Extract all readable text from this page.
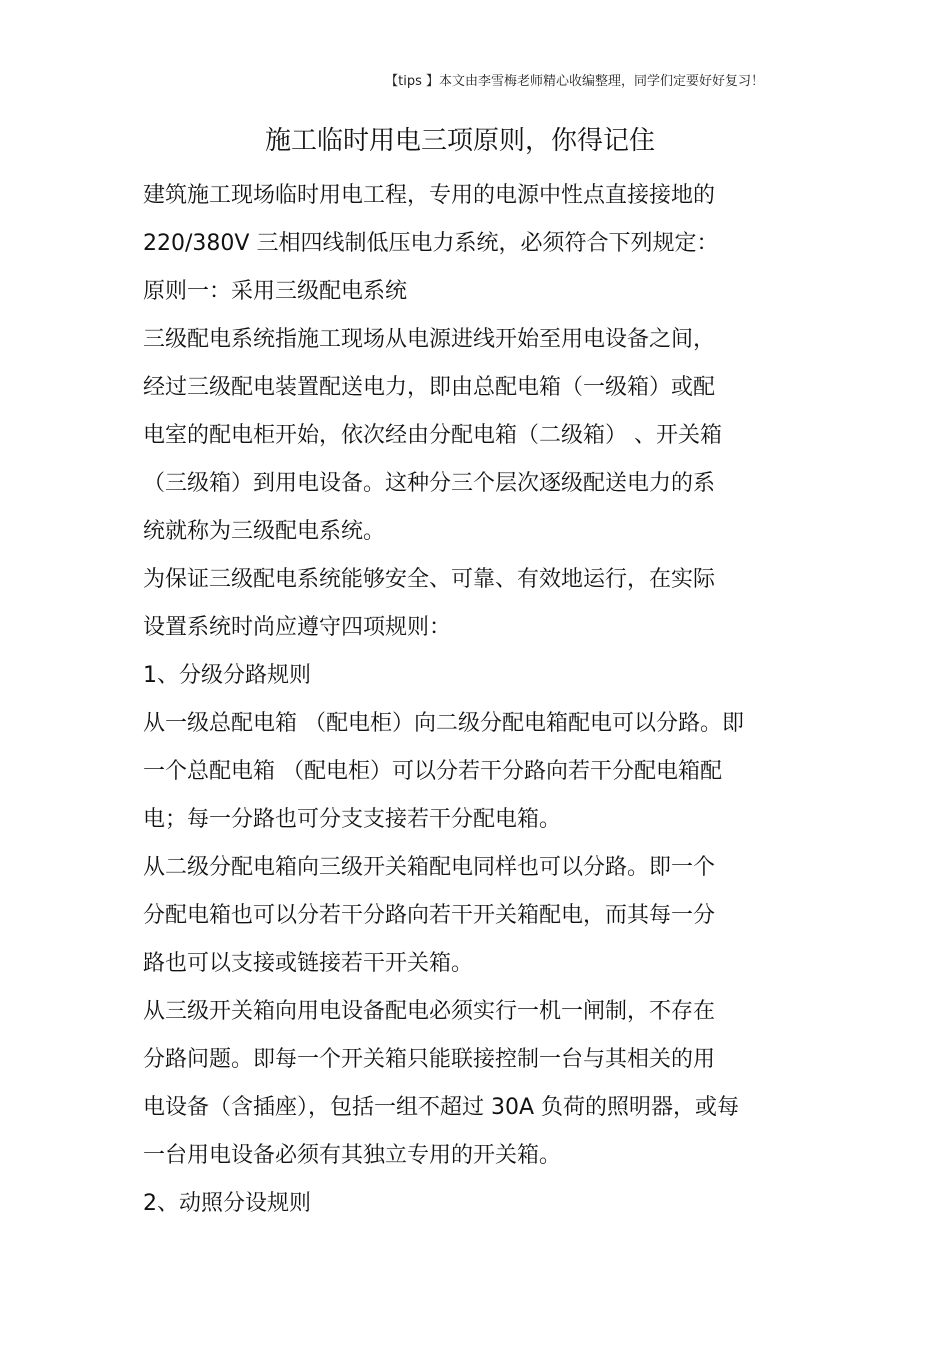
【tips 】本文由李雪梅老师精心收编整理，同学们定要好好复习！
施工临时用电三项原则，你得记住
建筑施工现场临时用电工程，专用的电源中性点直接接地的
220/380V 三相四线制低压电力系统，必须符合下列规定：
原则一：采用三级配电系统
三级配电系统指施工现场从电源进线开始至用电设备之间，
经过三级配电装置配送电力，即由总配电箱（一级箱）或配
电室的配电柜开始，依次经由分配电箱（二级箱） 、开关箱
（三级箱）到用电设备。这种分三个层次逐级配送电力的系
统就称为三级配电系统。
为保证三级配电系统能够安全、可靠、有效地运行，在实际
设置系统时尚应遵守四项规则：
1、分级分路规则
从一级总配电箱 （配电柜）向二级分配电箱配电可以分路。即
一个总配电箱 （配电柜）可以分若干分路向若干分配电箱配
电；每一分路也可分支支接若干分配电箱。
从二级分配电箱向三级开关箱配电同样也可以分路。即一个
分配电箱也可以分若干分路向若干开关箱配电，而其每一分
路也可以支接或链接若干开关箱。
从三级开关箱向用电设备配电必须实行一机一闸制，不存在
分路问题。即每一个开关箱只能联接控制一台与其相关的用
电设备（含插座），包括一组不超过 30A 负荷的照明器，或每
一台用电设备必须有其独立专用的开关箱。
2、动照分设规则
